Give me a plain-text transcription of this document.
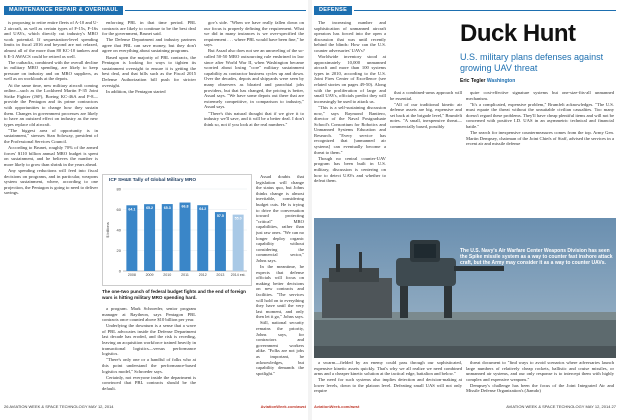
MAINTENANCE REPAIR & OVERHAUL

is proposing to retire entire fleets of A-10 and U-2 aircraft, as well as certain types of F-15s, F-16s and UAVs, which directly cut industry's MRO work potential. If sequestration-level spending limits in fiscal 2016 and beyond are not relaxed, almost all of the more than 80 KC-10 tankers and 6 E-3 AWACS could be retired as well.

The cutbacks, combined with the overall decline in military MRO spending, are likely to keep pressure on industry and on MRO suppliers, as well as on workloads at the depots.

At the same time, new military aircraft coming online—such as the Lockheed Martin F-35 Joint Strike Fighter (JSF), Boeing KC-46A and P-8—provide the Pentagon and its prime contractors with opportunities to change how they sustain them. Changes in government processes are likely to have an outsized effect on industry as the new types replace old aircraft.

"The biggest area of opportunity is in sustainment," stresses Stan Soloway, president of the Professional Services Council.

According to Brunet, roughly 70% of the armed forces' $110 billion annual MRO budget is spent on sustainment, and he believes the number is more likely to grow than shrink in the years ahead.

Any spending reductions will feed into fiscal decisions on programs, and in particular, weapons system sustainment, where, according to one projection, the Pentagon is going to need to deliver savings.

enforcing PBL in that time period. PBL contracts are likely to continue to be the best deal for the government, Brunet said.

The Defense Department and industry partners agree that PBL can save money, but they don't agree on everything about sustaining programs.

Based upon the majority of PBL contracts, the Pentagon is looking for ways to tighten its sustainment oversight to ensure it is getting the best deal, and that bills such as the Fiscal 2015 Defense Authorization bill push for stricter oversight.

In addition, the Pentagon started

a program. Mark Schroeder, senior program manager at Raytheon, says Pentagon PBL contracts once counted above $10 billion per year.

Underlying the downturn is a sense that a wave of PBL advocates inside the Defense Department last decade has eroded, and the risk is receding, leaving an acquisition workforce trained heavily in transactional logistics—versus performance logistics.

"There's only one or a handful of folks who at this point understand the performance-based logistics model," Schroeder says.

Certainly, not everyone inside the department is convinced that PBL contracts should be the default.

gov's side. "When we have really fallen down on our focus is properly defining the requirement. What we did in many instances is we over-specified the requirement . . . where PBL would have been fine," he says.

But Assad also does not see an unraveling of the so-called 50-50 MRO outsourcing rule enshrined in law since after World War II, when Washington became worried about losing "core" military sustainment capability as contractor business cycles up and down. Over the decades, depots and shipyards were seen by many observers as bloated and parochial jobs providers, but that has changed, the pricing is better, Assad says. "We have some depots out there that are extremely competitive, in comparison to industry," Assad says.

"There's this natural thought that if we give it to industry we'll save, and it will be a better deal. I don't think so, not if you look at the real numbers."

Assad doubts that legislation will change the status quo, but Johns thinks change is almost inevitable, considering budget cuts. He is trying to drive the conversation toward protecting "critical" MRO capabilities, rather than just raw ones. "We can no longer deploy organic capability without considering the commercial sector," Johns says.

In the meantime, he expects that defense officials will focus on making better decisions on new contracts and facilities. "The services will hold on to everything they have until the very last moment, and only then let it go," Johns says.

Still, national security remains the priority, Johns says, for contractors and government workers alike. "Folks are not jobs as important, he acknowledges, but capability demands the spotlight."

ICF SH&E Tally of Global Military MRO
0
20
40
60
80
$ billions
64.1
2008
65.2
2009
65.3
2010
66.8
2011
64.2
2012
57.5
2013
55.0
2014 est.
The one-two punch of federal budget fights and the end of foreign wars is hitting military MRO spending hard.
26 AVIATION WEEK & SPACE TECHNOLOGY MAY 12, 2014	AviationWeek.com/awst
DEFENSE
Duck Hunt
U.S. military plans defenses against growing UAV threat
Eric Tegler Washington

The increasing number and sophistication of unmanned aircraft operators has forced into the open a discussion that was until recently behind the blinds: How can the U.S. counter adversaries' UAVs?

Worldwide inventory stood at approximately 10,000 unmanned aircraft and more than 100 systems types in 2010, according to the U.S. Joint Fires Center of Excellence (see related stories on pages 49-50). Along with the proliferation of large and small UAVs, officials predict they will increasingly be used to attack us.

"This is a self-sustaining discussion now," says Raymond Bantiero, director of the Naval Postgraduate School's Consortium for Robotics and Unmanned Systems Education and Research. "Every service has recognized that [unmanned air systems] can eventually become a threat to them."

Though no central counter-UAV program has been built in U.S. military, discussion is centering on how to detect UAVs and whether to defeat them.

that a combined-arms approach will be essential.

"All of our traditional kinetic air defense assets are big, expensive and set back at the brigade level," Brumfelt notes. "A small, inexpensive threat—commercially based, possibly

quire cost-effective signature systems but one-size-fits-all unmanned mechanism.

"It's a complicated, expensive problem," Brumfelt acknowledges. "The U.S. must equate the threat without the unsuitable civilian casualties. Too many doesn't regard these problems. They'll have cheap plentiful items and will not be concerned with positive I.D. UAS in an asymmetric technical and financial battle."

The search for inexpensive countermeasures comes from the top. Army Gen. Martin Dempsey, chairman of the Joint Chiefs of Staff, advised the services in a recent air and missile defense

The U.S. Navy's Air Warfare Center Weapons Division has seen the Spike missile system as a way to counter fast inshore attack craft, but the Army may consider it as a way to counter UAVs.

a swarm—fielded by an enemy could pass through our sophisticated, expensive kinetic assets quickly. That's why we all realize we need combined arms and a cheaper kinetic solution at the tactical edge, battalion and below."

The need for such systems also implies detection and decision-making at lower levels, down to the platoon level. Defeating small UAS will not only require

threat document to "find ways to avoid scenarios where adversaries launch large numbers of relatively cheap rockets, ballistic and cruise missiles, or unmanned air systems, and our only response is to intercept them with highly complex and expensive weapons."

Dempsey's challenge has been the focus of the Joint Integrated Air and Missile Defense Organization's (Jiamdo)

AviationWeek.com/awst	AVIATION WEEK & SPACE TECHNOLOGY MAY 12, 2014 27
